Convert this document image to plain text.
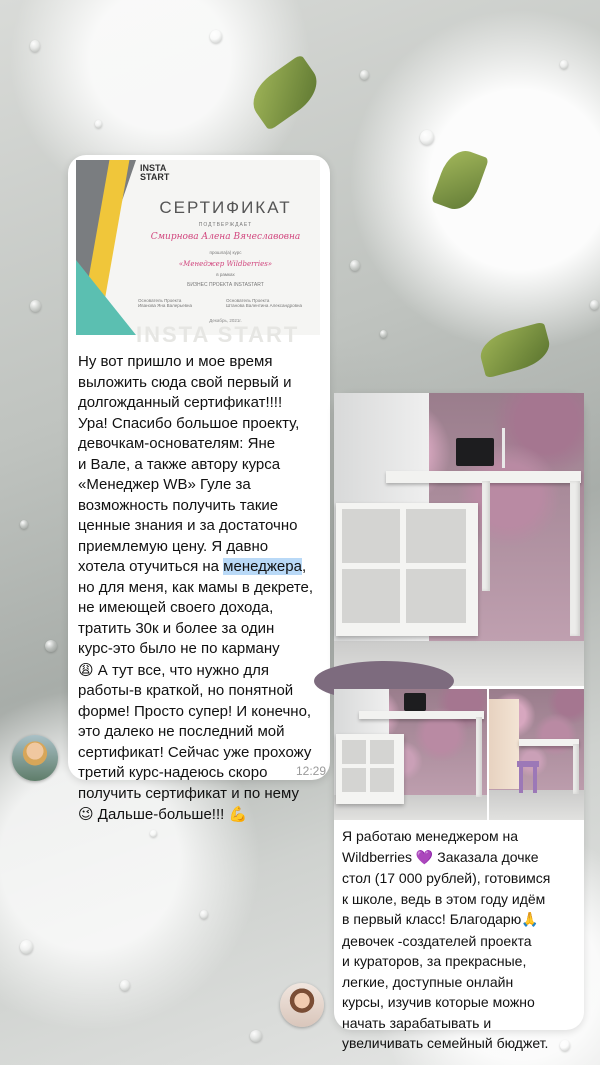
INSTA
START
СЕРТИФИКАТ
ПОДТВЕРЖДАЕТ
Смирнова Алена Вячеславовна
прошла(а) курс
«Менеджер Wildberries»
в рамках
БИЗНЕС ПРОЕКТА INSTASTART
Основатель Проекта
Иванова Яна Валерьевна
Основатель Проекта
Штанова Валентина Александровна
Декабрь, 2021г.
INSTA START
Ну вот пришло и мое время
выложить сюда свой первый и
долгожданный сертификат!!!!
Ура! Спасибо большое проекту,
девочкам-основателям: Яне
и Вале, а также автору курса
«Менеджер WB» Гуле за
возможность получить такие
ценные знания и за достаточно
приемлемую цену. Я давно
хотела отучиться на менеджера,
но для меня, как мамы в декрете,
не имеющей своего дохода,
тратить 30к и более за один
курс-это было не по карману
😩 А тут все, что нужно для
работы-в краткой, но понятной
форме! Просто супер! И конечно,
это далеко не последний мой
сертификат! Сейчас уже прохожу
третий курс-надеюсь скоро
получить сертификат и по нему
😉 Дальше-больше!!! 💪
12:29
Я работаю менеджером на
Wildberries 💜 Заказала дочке
стол (17 000 рублей), готовимся
к школе, ведь в этом году идём
в первый класс! Благодарю🙏
девочек -создателей проекта
и кураторов, за прекрасные,
легкие, доступные онлайн
курсы, изучив которые можно
начать зарабатывать и
увеличивать семейный бюджет.
